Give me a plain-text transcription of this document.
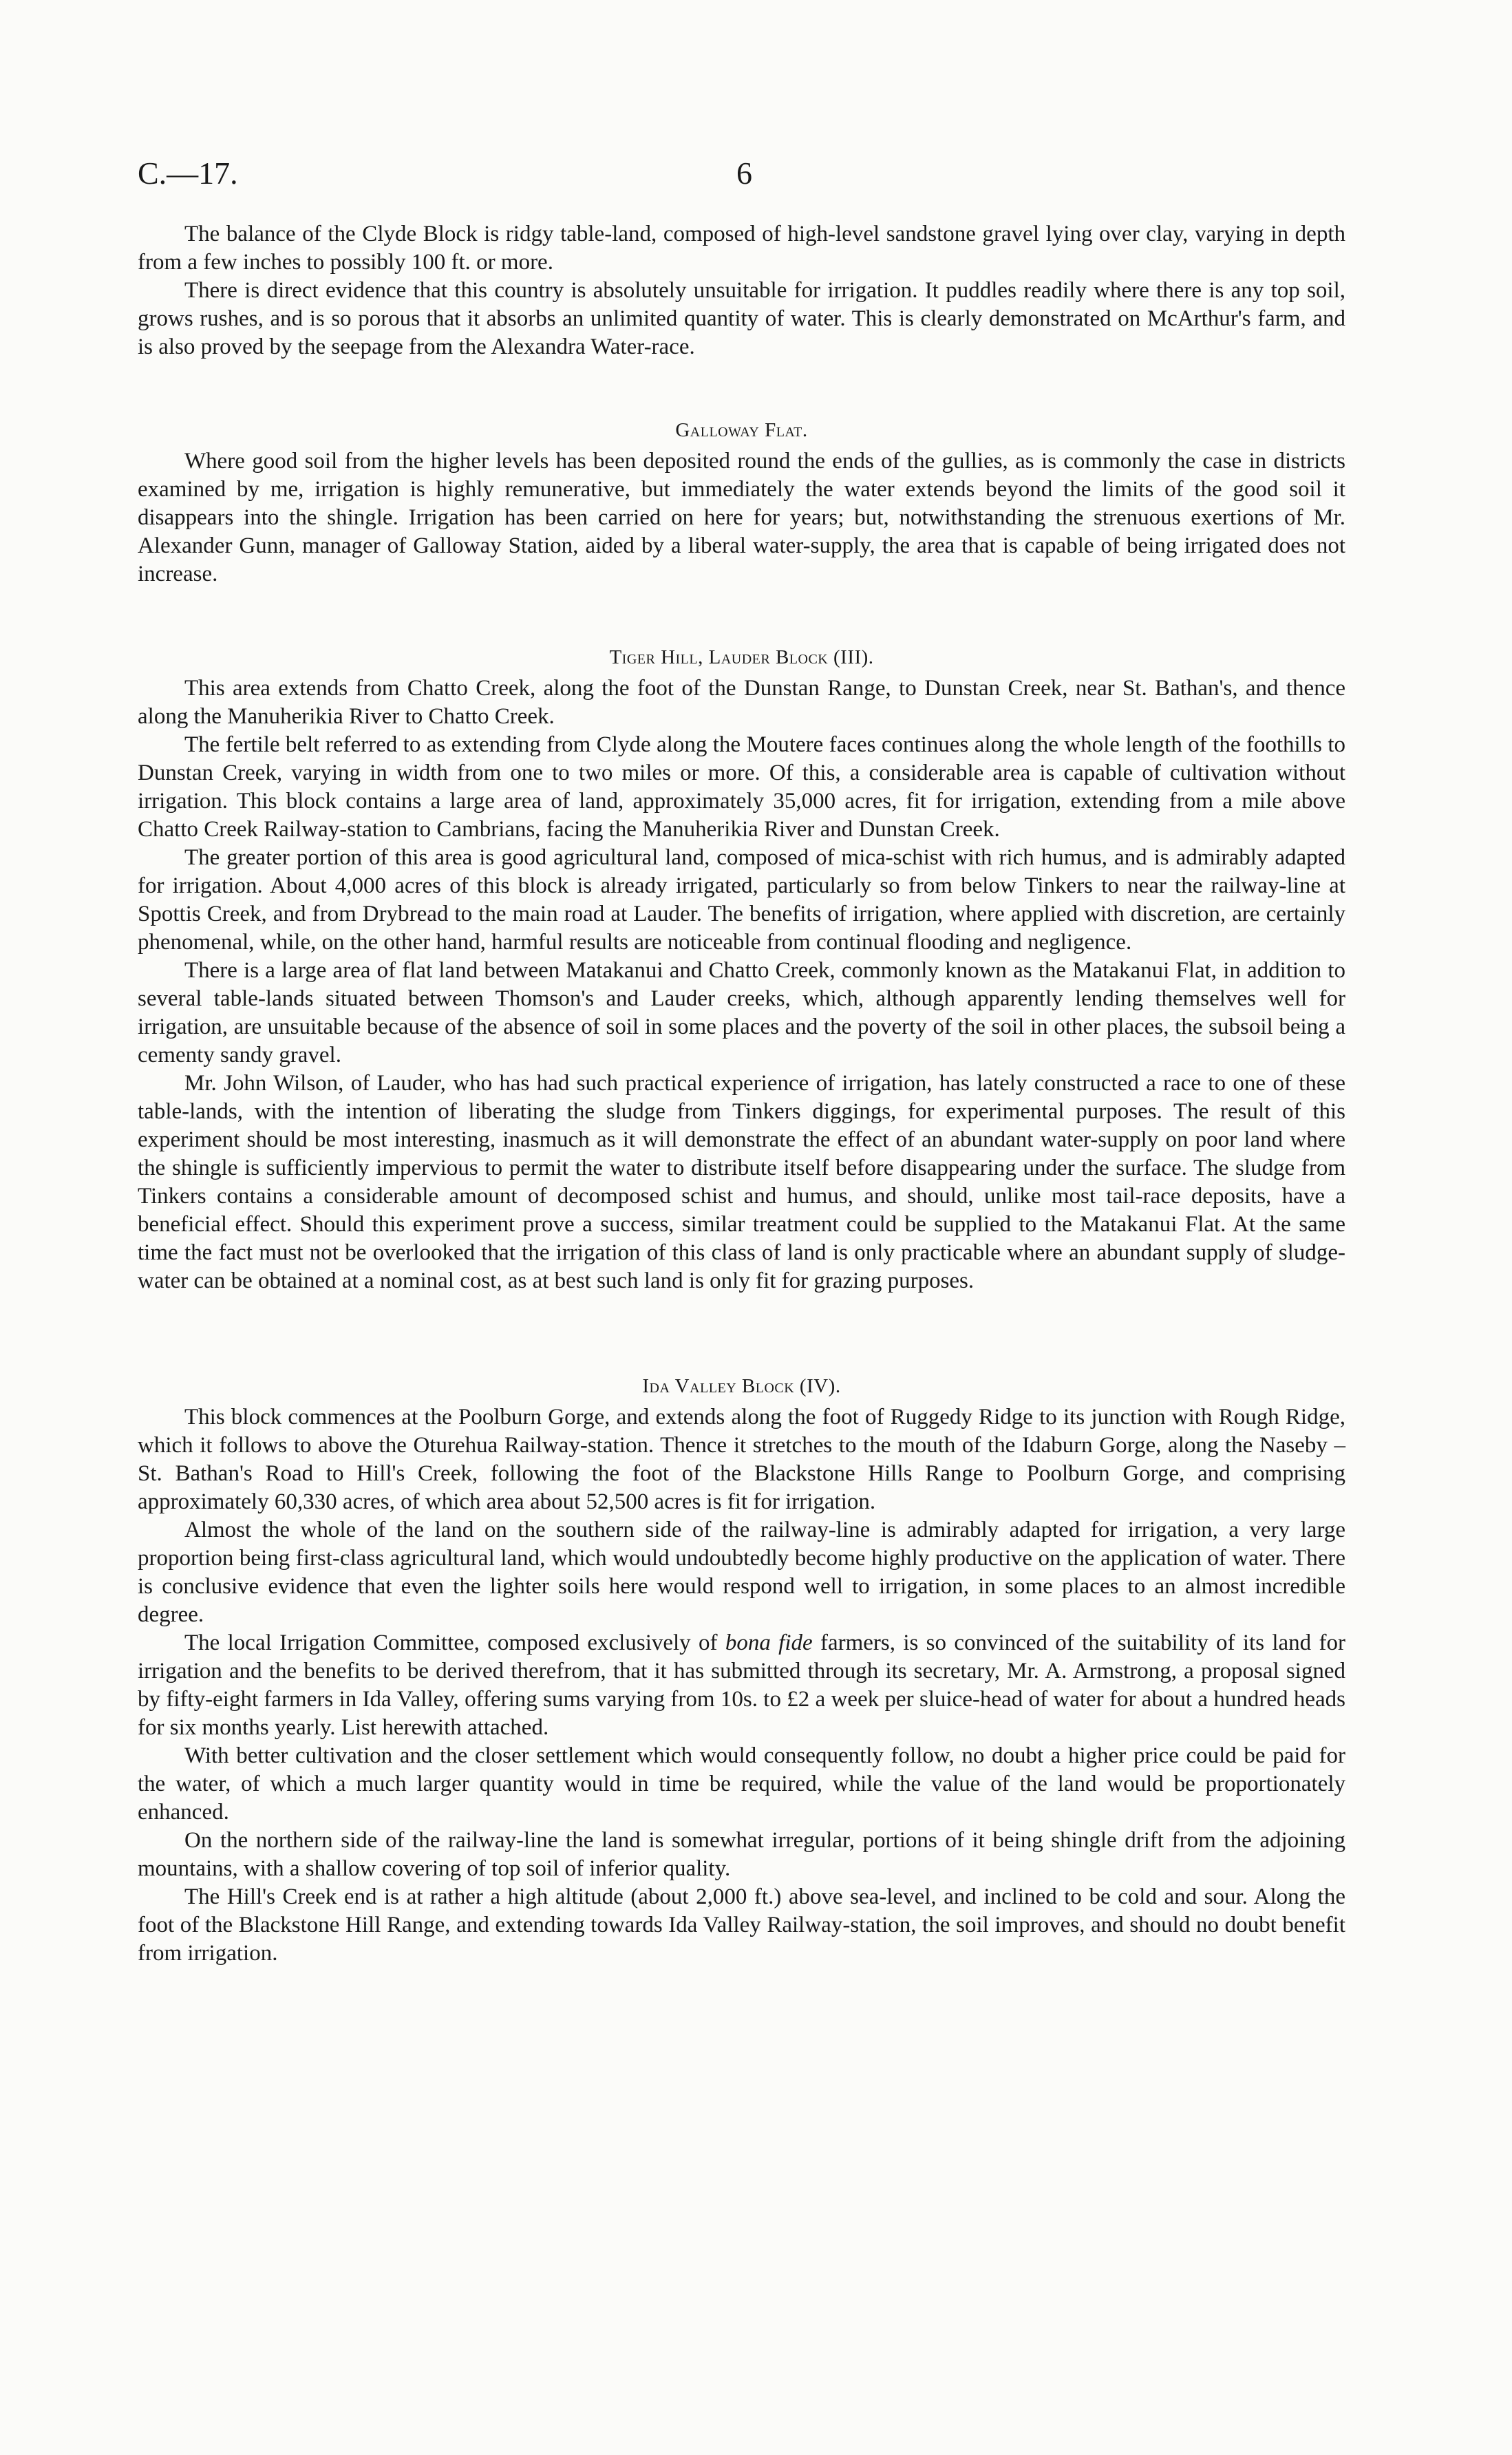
C.—17.	6

The balance of the Clyde Block is ridgy table-land, composed of high-level sandstone gravel lying over clay, varying in depth from a few inches to possibly 100 ft. or more.

There is direct evidence that this country is absolutely unsuitable for irrigation. It puddles readily where there is any top soil, grows rushes, and is so porous that it absorbs an unlimited quantity of water. This is clearly demonstrated on McArthur's farm, and is also proved by the seepage from the Alexandra Water-race.

Galloway Flat.

Where good soil from the higher levels has been deposited round the ends of the gullies, as is commonly the case in districts examined by me, irrigation is highly remunerative, but immediately the water extends beyond the limits of the good soil it disappears into the shingle. Irrigation has been carried on here for years; but, notwithstanding the strenuous exertions of Mr. Alexander Gunn, manager of Galloway Station, aided by a liberal water-supply, the area that is capable of being irrigated does not increase.

Tiger Hill, Lauder Block (III).

This area extends from Chatto Creek, along the foot of the Dunstan Range, to Dunstan Creek, near St. Bathan's, and thence along the Manuherikia River to Chatto Creek.

The fertile belt referred to as extending from Clyde along the Moutere faces continues along the whole length of the foothills to Dunstan Creek, varying in width from one to two miles or more. Of this, a considerable area is capable of cultivation without irrigation. This block contains a large area of land, approximately 35,000 acres, fit for irrigation, extending from a mile above Chatto Creek Railway-station to Cambrians, facing the Manuherikia River and Dunstan Creek.

The greater portion of this area is good agricultural land, composed of mica-schist with rich humus, and is admirably adapted for irrigation. About 4,000 acres of this block is already irrigated, particularly so from below Tinkers to near the railway-line at Spottis Creek, and from Drybread to the main road at Lauder. The benefits of irrigation, where applied with discretion, are certainly phenomenal, while, on the other hand, harmful results are noticeable from continual flooding and negligence.

There is a large area of flat land between Matakanui and Chatto Creek, commonly known as the Matakanui Flat, in addition to several table-lands situated between Thomson's and Lauder creeks, which, although apparently lending themselves well for irrigation, are unsuitable because of the absence of soil in some places and the poverty of the soil in other places, the subsoil being a cementy sandy gravel.

Mr. John Wilson, of Lauder, who has had such practical experience of irrigation, has lately constructed a race to one of these table-lands, with the intention of liberating the sludge from Tinkers diggings, for experimental purposes. The result of this experiment should be most interesting, inasmuch as it will demonstrate the effect of an abundant water-supply on poor land where the shingle is sufficiently impervious to permit the water to distribute itself before disappearing under the surface. The sludge from Tinkers contains a considerable amount of decomposed schist and humus, and should, unlike most tail-race deposits, have a beneficial effect. Should this experiment prove a success, similar treatment could be supplied to the Matakanui Flat. At the same time the fact must not be overlooked that the irrigation of this class of land is only practicable where an abundant supply of sludge-water can be obtained at a nominal cost, as at best such land is only fit for grazing purposes.

Ida Valley Block (IV).

This block commences at the Poolburn Gorge, and extends along the foot of Ruggedy Ridge to its junction with Rough Ridge, which it follows to above the Oturehua Railway-station. Thence it stretches to the mouth of the Idaburn Gorge, along the Naseby – St. Bathan's Road to Hill's Creek, following the foot of the Blackstone Hills Range to Poolburn Gorge, and comprising approximately 60,330 acres, of which area about 52,500 acres is fit for irrigation.

Almost the whole of the land on the southern side of the railway-line is admirably adapted for irrigation, a very large proportion being first-class agricultural land, which would undoubtedly become highly productive on the application of water. There is conclusive evidence that even the lighter soils here would respond well to irrigation, in some places to an almost incredible degree.

The local Irrigation Committee, composed exclusively of bona fide farmers, is so convinced of the suitability of its land for irrigation and the benefits to be derived therefrom, that it has submitted through its secretary, Mr. A. Armstrong, a proposal signed by fifty-eight farmers in Ida Valley, offering sums varying from 10s. to £2 a week per sluice-head of water for about a hundred heads for six months yearly. List herewith attached.

With better cultivation and the closer settlement which would consequently follow, no doubt a higher price could be paid for the water, of which a much larger quantity would in time be required, while the value of the land would be proportionately enhanced.

On the northern side of the railway-line the land is somewhat irregular, portions of it being shingle drift from the adjoining mountains, with a shallow covering of top soil of inferior quality.

The Hill's Creek end is at rather a high altitude (about 2,000 ft.) above sea-level, and inclined to be cold and sour. Along the foot of the Blackstone Hill Range, and extending towards Ida Valley Railway-station, the soil improves, and should no doubt benefit from irrigation.
